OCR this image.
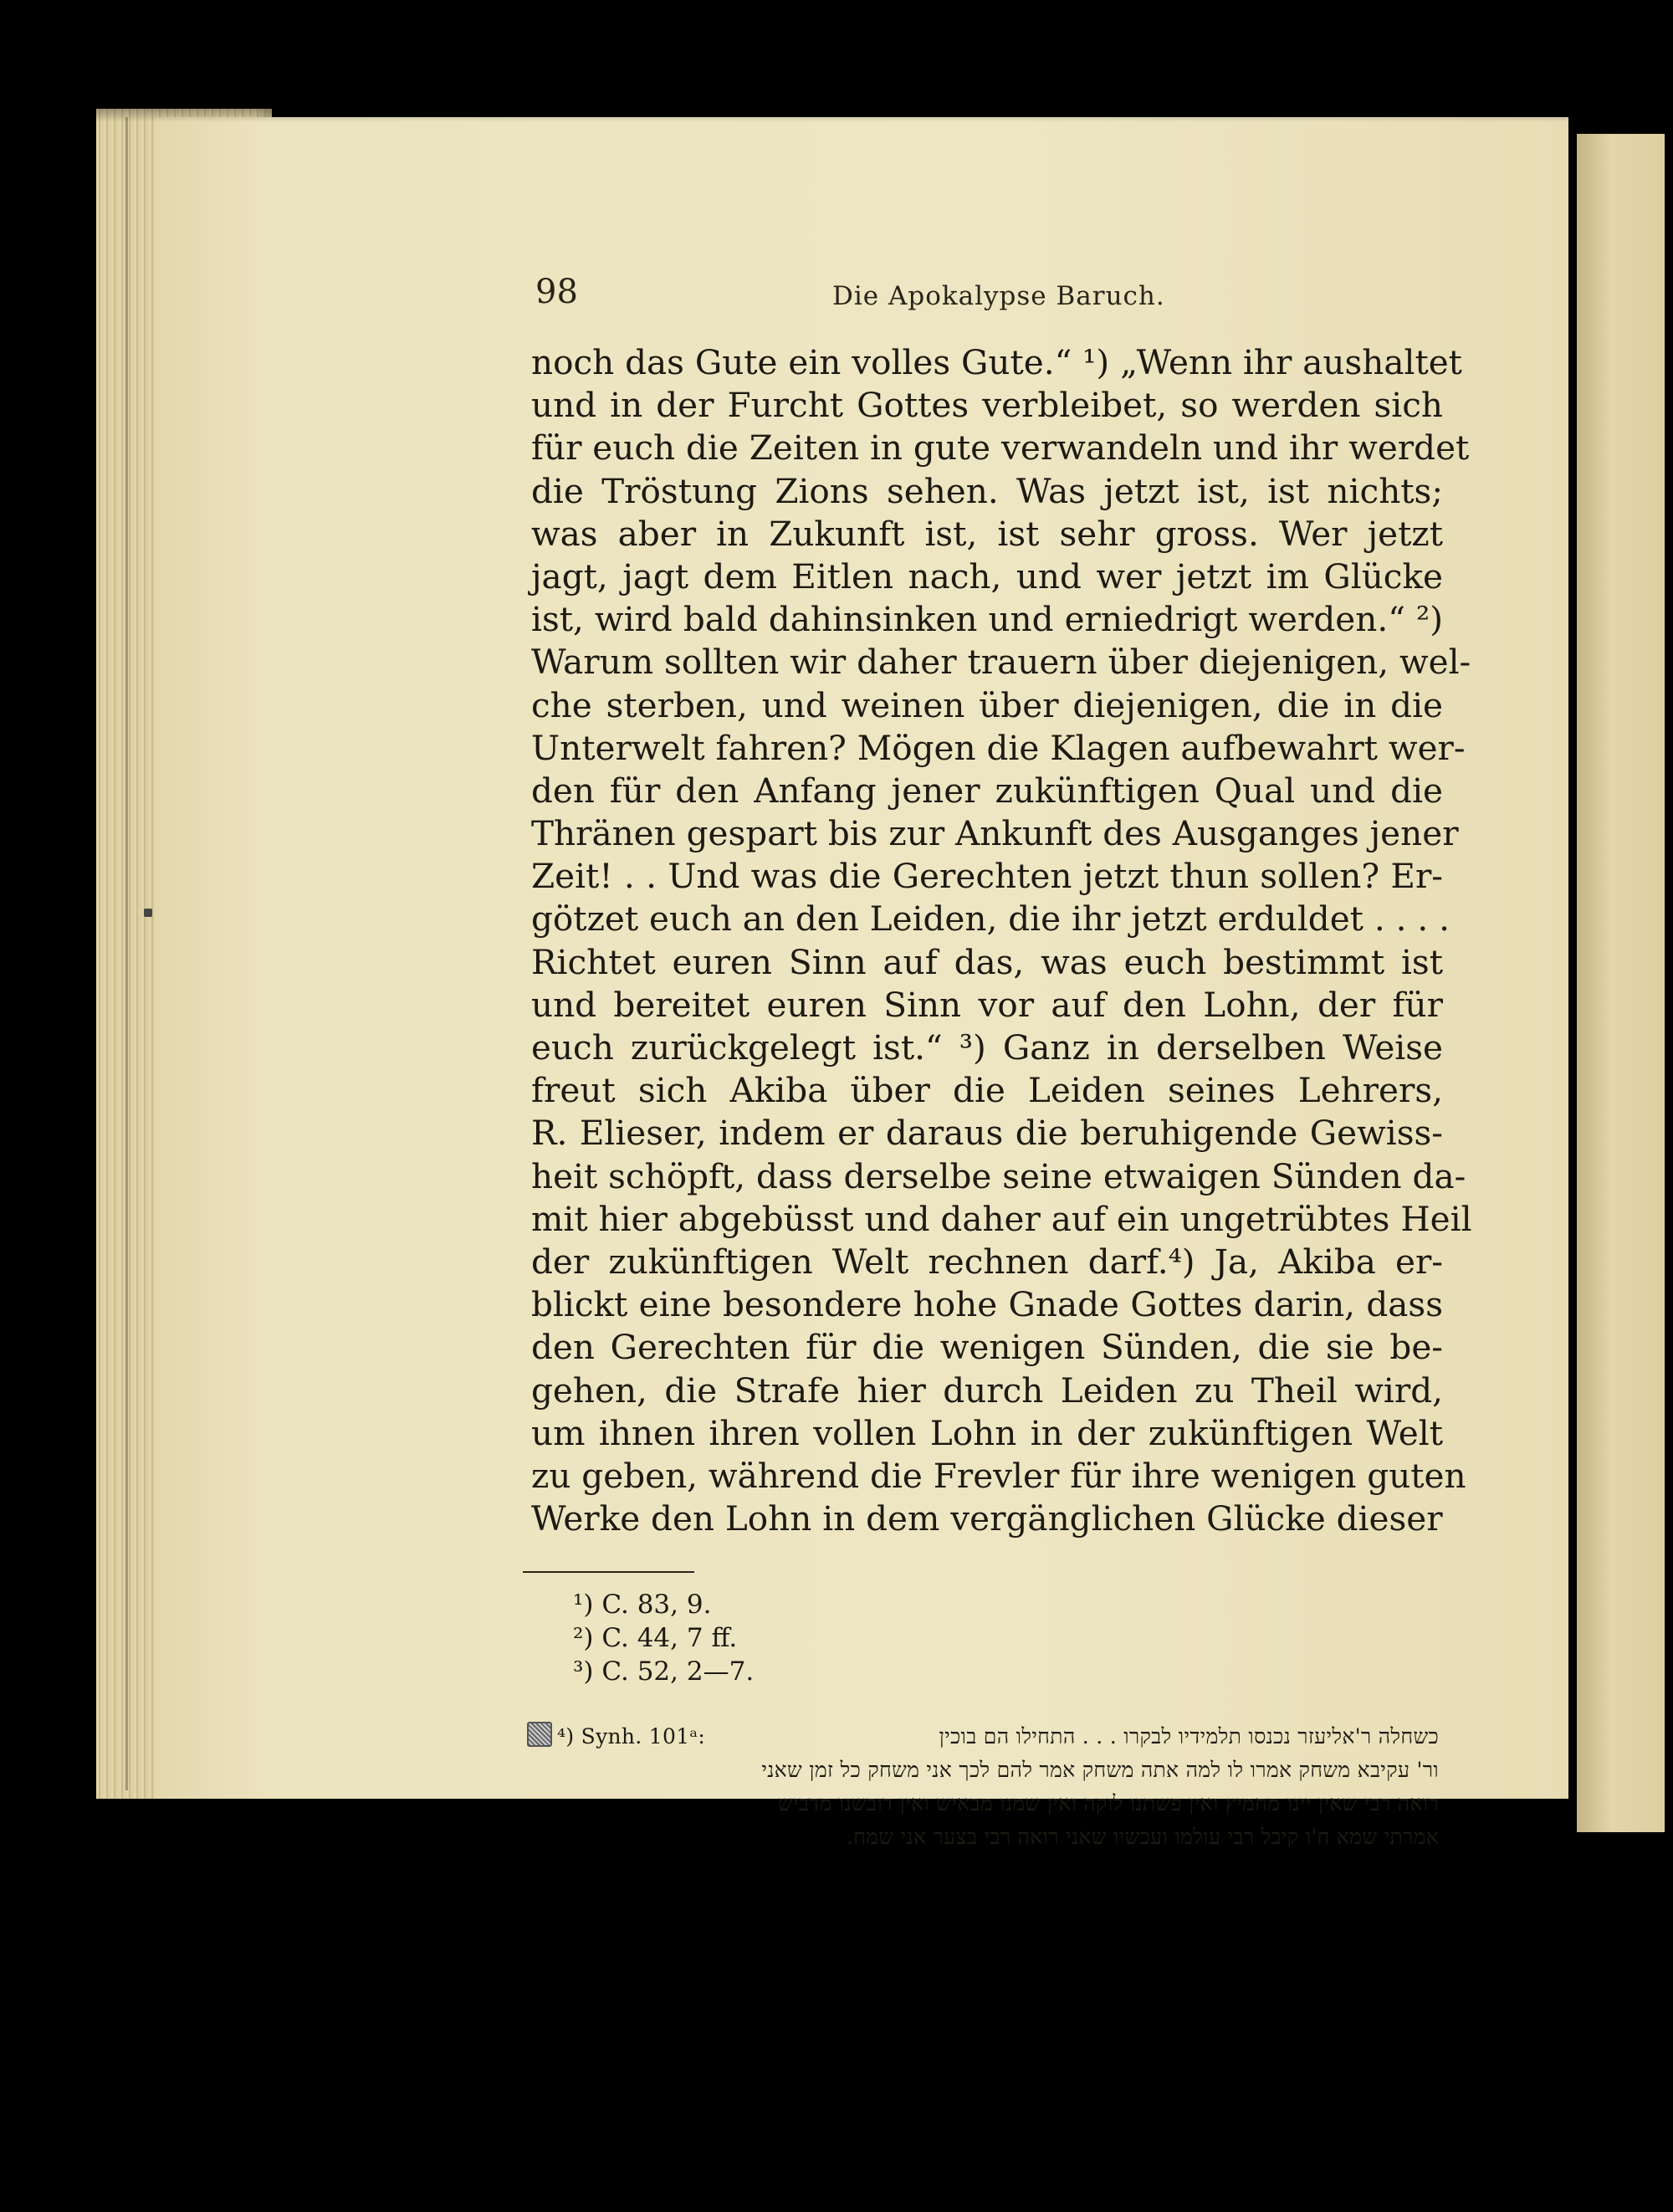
98	Die Apokalypse Baruch.
noch das Gute ein volles Gute.“ ¹) „Wenn ihr aushaltet
und in der Furcht Gottes verbleibet, so werden sich
für euch die Zeiten in gute verwandeln und ihr werdet
die Tröstung Zions sehen. Was jetzt ist, ist nichts;
was aber in Zukunft ist, ist sehr gross. Wer jetzt
jagt, jagt dem Eitlen nach, und wer jetzt im Glücke
ist, wird bald dahinsinken und erniedrigt werden.“ ²)
Warum sollten wir daher trauern über diejenigen, wel-
che sterben, und weinen über diejenigen, die in die
Unterwelt fahren? Mögen die Klagen aufbewahrt wer-
den für den Anfang jener zukünftigen Qual und die
Thränen gespart bis zur Ankunft des Ausganges jener
Zeit! . . Und was die Gerechten jetzt thun sollen? Er-
götzet euch an den Leiden, die ihr jetzt erduldet . . . .
Richtet euren Sinn auf das, was euch bestimmt ist
und bereitet euren Sinn vor auf den Lohn, der für
euch zurückgelegt ist.“ ³) Ganz in derselben Weise
freut sich Akiba über die Leiden seines Lehrers,
R. Elieser, indem er daraus die beruhigende Gewiss-
heit schöpft, dass derselbe seine etwaigen Sünden da-
mit hier abgebüsst und daher auf ein ungetrübtes Heil
der zukünftigen Welt rechnen darf.⁴) Ja, Akiba er-
blickt eine besondere hohe Gnade Gottes darin, dass
den Gerechten für die wenigen Sünden, die sie be-
gehen, die Strafe hier durch Leiden zu Theil wird,
um ihnen ihren vollen Lohn in der zukünftigen Welt
zu geben, während die Frevler für ihre wenigen guten
Werke den Lohn in dem vergänglichen Glücke dieser
¹) C. 83, 9.
²) C. 44, 7 ff.
³) C. 52, 2—7.
⁴) Synh. 101ᵃ:	כשחלה ר'אליעזר נכנסו תלמידיו לבקרו . . . התחילו הם בוכין
ור' עקיבא משחק אמרו לו למה אתה משחק אמר להם לכך אני משחק כל זמן שאני
רואה רבי שאין יינו מחמיץ ואין פשתנו לוקה ואין שמנו מבאיש ואין דובשנו מדביש
אמרתי שמא ח'ו קיבל רבי עולמו ועכשיו שאני רואה רבי בצער אני שמח.
